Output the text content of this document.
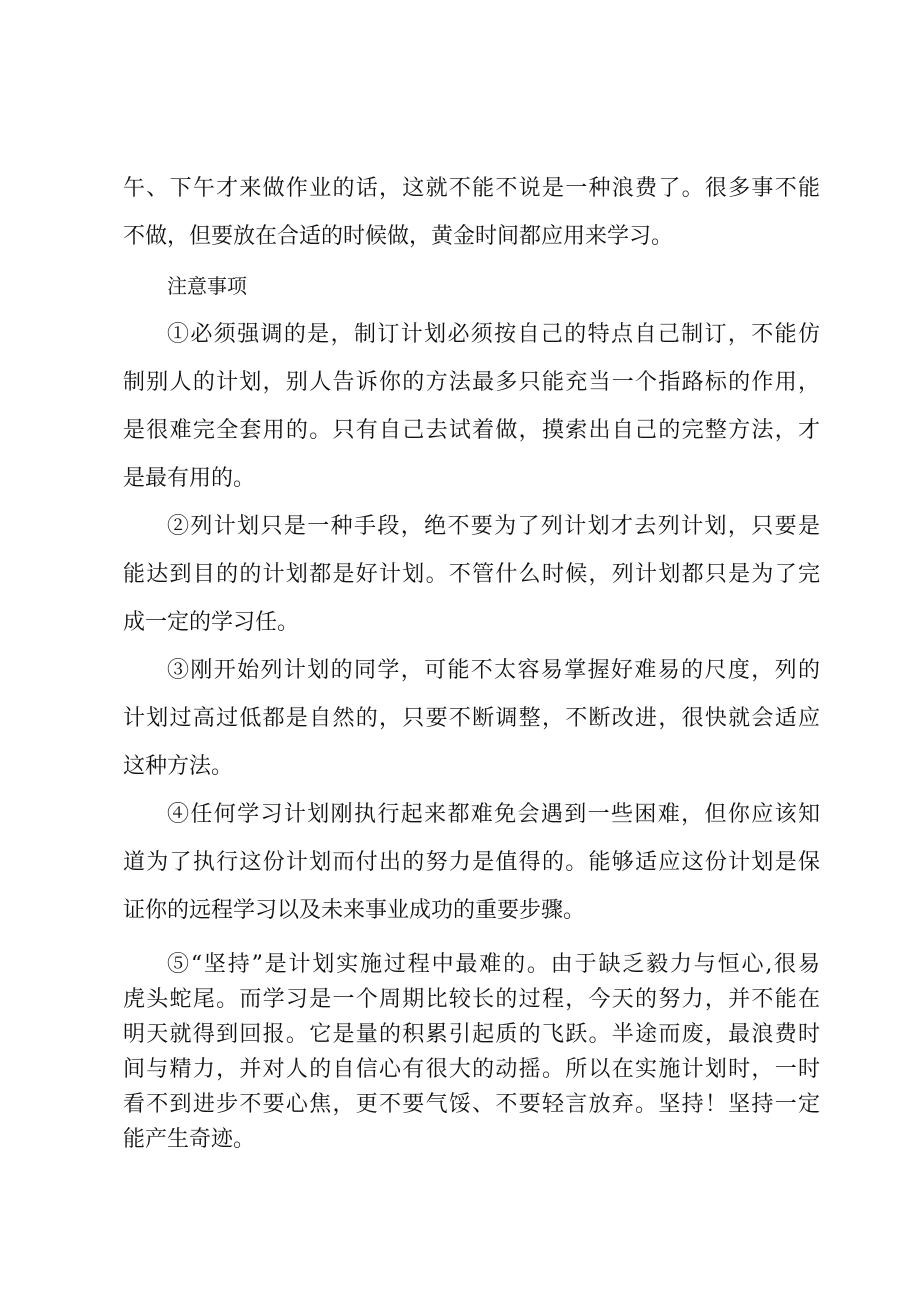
午、下午才来做作业的话，这就不能不说是一种浪费了。很多事不能
不做，但要放在合适的时候做，黄金时间都应用来学习。
注意事项
①必须强调的是，制订计划必须按自己的特点自己制订，不能仿
制别人的计划，别人告诉你的方法最多只能充当一个指路标的作用，
是很难完全套用的。只有自己去试着做，摸索出自己的完整方法，才
是最有用的。
②列计划只是一种手段，绝不要为了列计划才去列计划，只要是
能达到目的的计划都是好计划。不管什么时候，列计划都只是为了完
成一定的学习任。
③刚开始列计划的同学，可能不太容易掌握好难易的尺度，列的
计划过高过低都是自然的，只要不断调整，不断改进，很快就会适应
这种方法。
④任何学习计划刚执行起来都难免会遇到一些困难，但你应该知
道为了执行这份计划而付出的努力是值得的。能够适应这份计划是保
证你的远程学习以及未来事业成功的重要步骤。
⑤“坚持”是计划实施过程中最难的。由于缺乏毅力与恒心,很易
虎头蛇尾。而学习是一个周期比较长的过程，今天的努力，并不能在
明天就得到回报。它是量的积累引起质的飞跃。半途而废，最浪费时
间与精力，并对人的自信心有很大的动摇。所以在实施计划时，一时
看不到进步不要心焦，更不要气馁、不要轻言放弃。坚持！坚持一定
能产生奇迹。
